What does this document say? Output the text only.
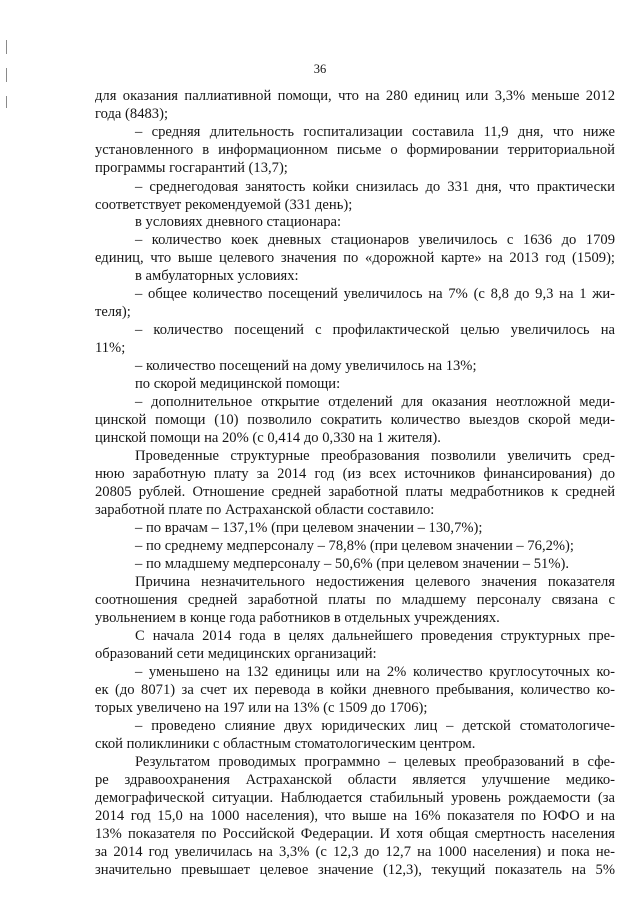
36
для оказания паллиативной помощи, что на 280 единиц или 3,3% меньше 2012
года (8483);
– средняя длительность госпитализации составила 11,9 дня, что ниже
установленного в информационном письме о формировании территориальной
программы госгарантий (13,7);
– среднегодовая занятость койки снизилась до 331 дня, что практически
соответствует рекомендуемой (331 день);
в условиях дневного стационара:
– количество коек дневных стационаров увеличилось с 1636 до 1709
единиц, что выше целевого значения по «дорожной карте» на 2013 год (1509);
в амбулаторных условиях:
– общее количество посещений увеличилось на 7% (с 8,8 до 9,3 на 1 жи-
теля);
– количество посещений с профилактической целью увеличилось на
11%;
– количество посещений на дому увеличилось на 13%;
по скорой медицинской помощи:
– дополнительное открытие отделений для оказания неотложной меди-
цинской помощи (10) позволило сократить количество выездов скорой меди-
цинской помощи на 20% (с 0,414 до 0,330 на 1 жителя).
Проведенные структурные преобразования позволили увеличить сред-
нюю заработную плату за 2014 год (из всех источников финансирования) до
20805 рублей. Отношение средней заработной платы медработников к средней
заработной плате по Астраханской области составило:
– по врачам – 137,1% (при целевом значении – 130,7%);
– по среднему медперсоналу – 78,8% (при целевом значении – 76,2%);
– по младшему медперсоналу – 50,6% (при целевом значении – 51%).
Причина незначительного недостижения целевого значения показателя
соотношения средней заработной платы по младшему персоналу связана с
увольнением в конце года работников в отдельных учреждениях.
С начала 2014 года в целях дальнейшего проведения структурных пре-
образований сети медицинских организаций:
– уменьшено на 132 единицы или на 2% количество круглосуточных ко-
ек (до 8071) за счет их перевода в койки дневного пребывания, количество ко-
торых увеличено на 197 или на 13% (с 1509 до 1706);
– проведено слияние двух юридических лиц – детской стоматологиче-
ской поликлиники с областным стоматологическим центром.
Результатом проводимых программно – целевых преобразований в сфе-
ре здравоохранения Астраханской области является улучшение медико-
демографической ситуации. Наблюдается стабильный уровень рождаемости (за
2014 год 15,0 на 1000 населения), что выше на 16% показателя по ЮФО и на
13% показателя по Российской Федерации. И хотя общая смертность населения
за 2014 год увеличилась на 3,3% (с 12,3 до 12,7 на 1000 населения) и пока не-
значительно превышает целевое значение (12,3), текущий показатель на 5%
